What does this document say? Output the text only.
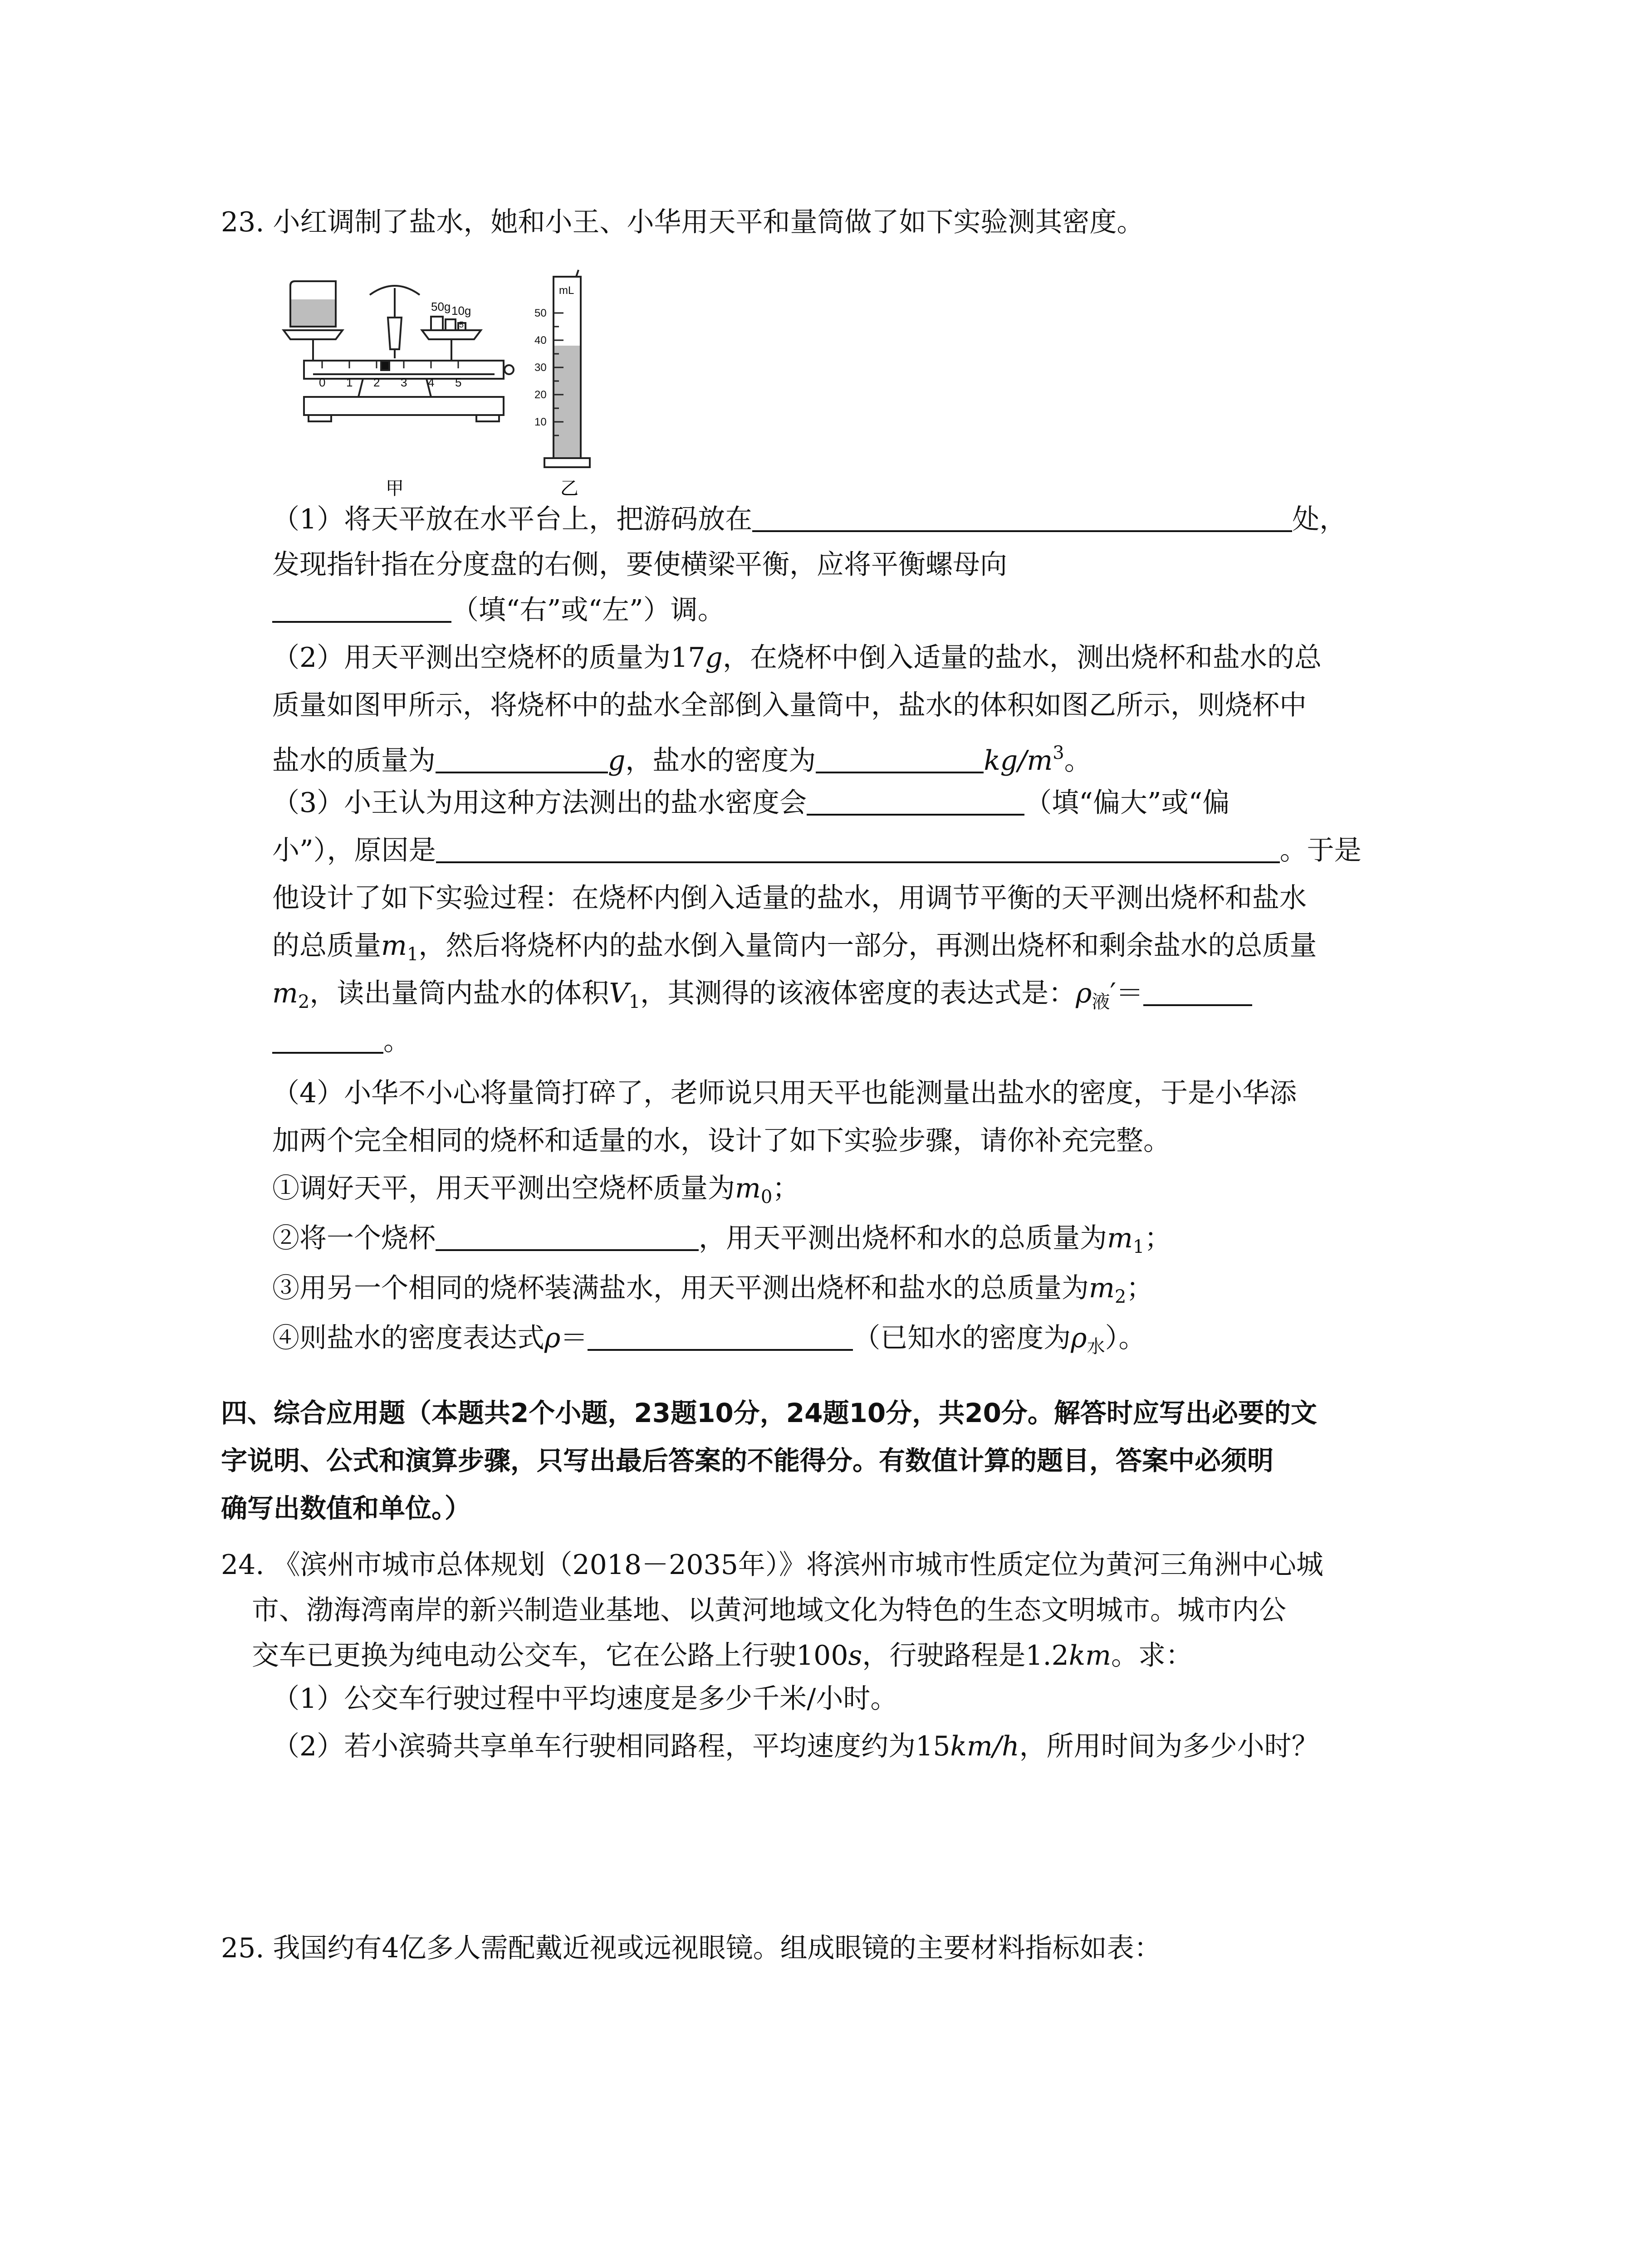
23. 小红调制了盐水，她和小王、小华用天平和量筒做了如下实验测其密度。
50g 10g
5
0 1 2 3 4 5
甲
mL
50
40
30
20
10
乙
（1）将天平放在水平台上，把游码放在	处，
发现指针指在分度盘的右侧，要使横梁平衡，应将平衡螺母向
（填“右”或“左”）调。
（2）用天平测出空烧杯的质量为17g，在烧杯中倒入适量的盐水，测出烧杯和盐水的总
质量如图甲所示，将烧杯中的盐水全部倒入量筒中，盐水的体积如图乙所示，则烧杯中
盐水的质量为	g，盐水的密度为	$kg/m^3$。
（3）小王认为用这种方法测出的盐水密度会	（填“偏大”或“偏
小”），原因是	。于是
他设计了如下实验过程：在烧杯内倒入适量的盐水，用调节平衡的天平测出烧杯和盐水
的总质量$m_1$，然后将烧杯内的盐水倒入量筒内一部分，再测出烧杯和剩余盐水的总质量
$m_2$，读出量筒内盐水的体积$V_1$，其测得的该液体密度的表达式是：$\rho_液'=$
。
（4）小华不小心将量筒打碎了，老师说只用天平也能测量出盐水的密度，于是小华添
加两个完全相同的烧杯和适量的水，设计了如下实验步骤，请你补充完整。
①调好天平，用天平测出空烧杯质量为$m_0$；
②将一个烧杯	，用天平测出烧杯和水的总质量为$m_1$；
③用另一个相同的烧杯装满盐水，用天平测出烧杯和盐水的总质量为$m_2$；
④则盐水的密度表达式ρ＝	（已知水的密度为$\rho_水$）。
四、综合应用题（本题共2个小题，23题10分，24题10分，共20分。解答时应写出必要的文
字说明、公式和演算步骤，只写出最后答案的不能得分。有数值计算的题目，答案中必须明
确写出数值和单位。）
24. 《滨州市城市总体规划（2018－2035年）》将滨州市城市性质定位为黄河三角洲中心城
市、渤海湾南岸的新兴制造业基地、以黄河地域文化为特色的生态文明城市。城市内公
交车已更换为纯电动公交车，它在公路上行驶100s，行驶路程是1.2km。求：
（1）公交车行驶过程中平均速度是多少千米/小时。
（2）若小滨骑共享单车行驶相同路程，平均速度约为15km/h，所用时间为多少小时？
25. 我国约有4亿多人需配戴近视或远视眼镜。组成眼镜的主要材料指标如表：
